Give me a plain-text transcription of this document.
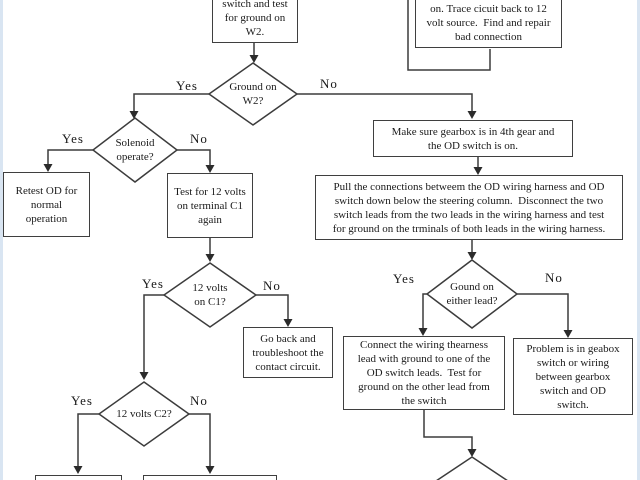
switch and test
for ground on
W2.
on. Trace cicuit back to 12
volt source.  Find and repair
bad connection
Retest OD for
normal
operation
Test for 12 volts
on terminal C1
again
Make sure gearbox is in 4th gear and
the OD switch is on.
Pull the connections betweem the OD wiring harness and OD
switch down below the steering column.  Disconnect the two
switch leads from the two leads in the wiring harness and test
for ground on the trminals of both leads in the wiring harness.
Go back and
troubleshoot the
contact circuit.
Connect the wiring thearness
lead with ground to one of the
OD switch leads.  Test for
ground on the other lead from
the switch
Problem is in geabox
switch or wiring
between gearbox
switch and OD
switch.
Ground on
W2?
Solenoid
operate?
12 volts
on C1?
12 volts C2?
Gound on
either lead?
Yes	No
Yes	No
Yes	No
Yes	No
Yes	No
